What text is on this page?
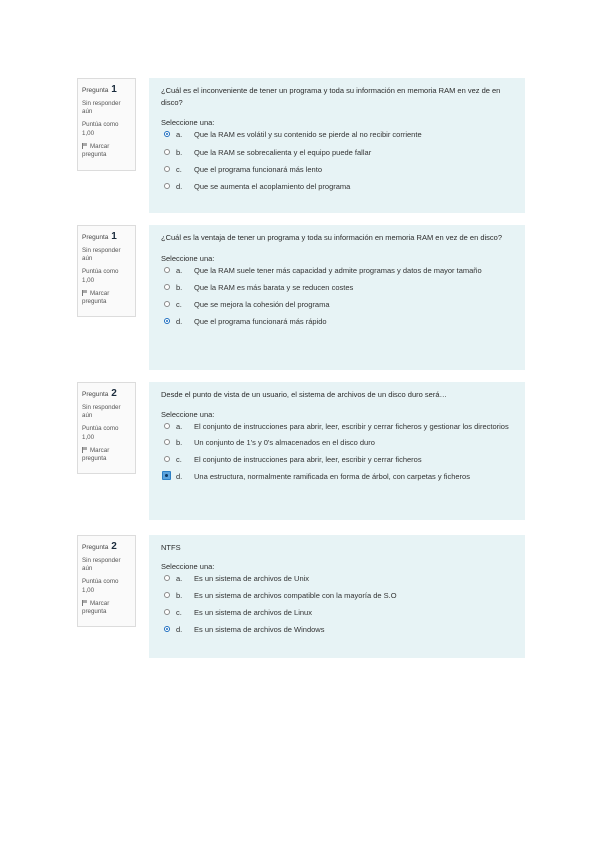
Pregunta 1
Sin responder aún
Puntúa como 1,00
Marcar pregunta
¿Cuál es el inconveniente de tener un programa y toda su información en memoria RAM en vez de en disco?
Seleccione una:
a.	Que la RAM es volátil y su contenido se pierde al no recibir corriente
b.	Que la RAM se sobrecalienta y el equipo puede fallar
c.	Que el programa funcionará más lento
d.	Que se aumenta el acoplamiento del programa
Pregunta 1
Sin responder aún
Puntúa como 1,00
Marcar pregunta
¿Cuál es la ventaja de tener un programa y toda su información en memoria RAM en vez de en disco?
Seleccione una:
a.	Que la RAM suele tener más capacidad y admite programas y datos de mayor tamaño
b.	Que la RAM es más barata y se reducen costes
c.	Que se mejora la cohesión del programa
d.	Que el programa funcionará más rápido
Pregunta 2
Sin responder aún
Puntúa como 1,00
Marcar pregunta
Desde el punto de vista de un usuario, el sistema de archivos de un disco duro será…
Seleccione una:
a.	El conjunto de instrucciones para abrir, leer, escribir y cerrar ficheros y gestionar los directorios
b.	Un conjunto de 1's y 0's almacenados en el disco duro
c.	El conjunto de instrucciones para abrir, leer, escribir y cerrar ficheros
d.	Una estructura, normalmente ramificada en forma de árbol, con carpetas y ficheros
Pregunta 2
Sin responder aún
Puntúa como 1,00
Marcar pregunta
NTFS
Seleccione una:
a.	Es un sistema de archivos de Unix
b.	Es un sistema de archivos compatible con la mayoría de S.O
c.	Es un sistema de archivos de Linux
d.	Es un sistema de archivos de Windows
